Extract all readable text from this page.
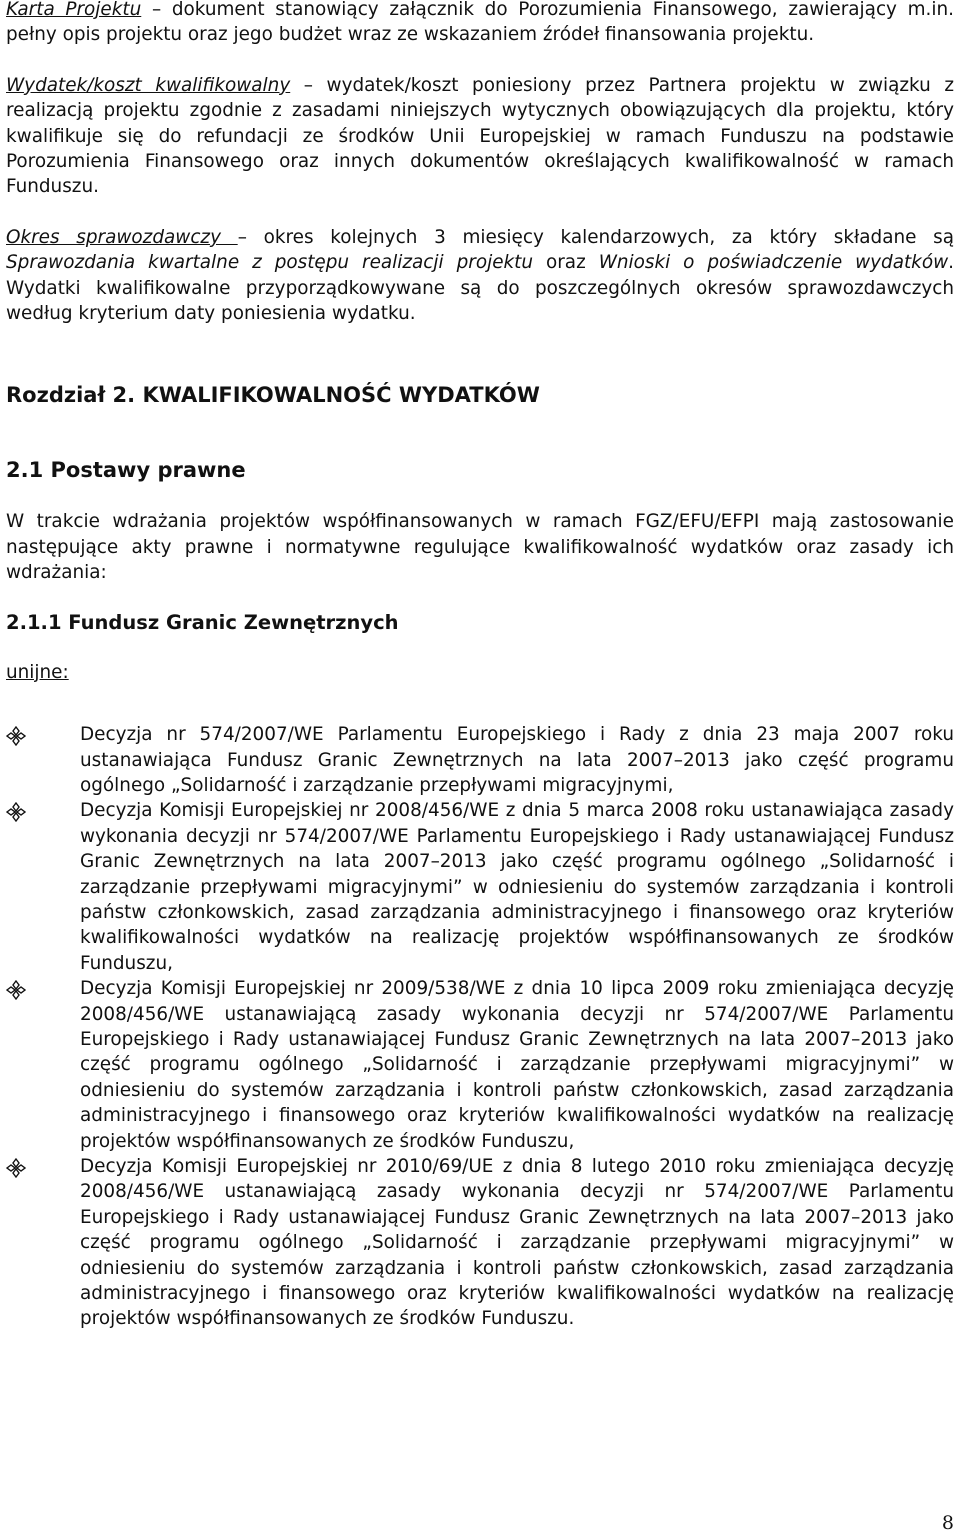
Karta Projektu – dokument stanowiący załącznik do Porozumienia Finansowego, zawierający m.in. pełny opis projektu oraz jego budżet wraz ze wskazaniem źródeł finansowania projektu.

Wydatek/koszt kwalifikowalny – wydatek/koszt poniesiony przez Partnera projektu w związku z realizacją projektu zgodnie z zasadami niniejszych wytycznych obowiązujących dla projektu, który kwalifikuje się do refundacji ze środków Unii Europejskiej w ramach Funduszu na podstawie Porozumienia Finansowego oraz innych dokumentów określających kwalifikowalność w ramach Funduszu.

Okres sprawozdawczy – okres kolejnych 3 miesięcy kalendarzowych, za który składane są Sprawozdania kwartalne z postępu realizacji projektu oraz Wnioski o poświadczenie wydatków. Wydatki kwalifikowalne przyporządkowywane są do poszczególnych okresów sprawozdawczych według kryterium daty poniesienia wydatku.

Rozdział 2. KWALIFIKOWALNOŚĆ WYDATKÓW
2.1 Postawy prawne

W trakcie wdrażania projektów współfinansowanych w ramach FGZ/EFU/EFPI mają zastosowanie następujące akty prawne i normatywne regulujące kwalifikowalność wydatków oraz zasady ich wdrażania:

2.1.1 Fundusz Granic Zewnętrznych

unijne:

Decyzja nr 574/2007/WE Parlamentu Europejskiego i Rady z dnia 23 maja 2007 roku ustanawiająca Fundusz Granic Zewnętrznych na lata 2007–2013 jako część programu ogólnego „Solidarność i zarządzanie przepływami migracyjnymi,
Decyzja Komisji Europejskiej nr 2008/456/WE z dnia 5 marca 2008 roku ustanawiająca zasady wykonania decyzji nr 574/2007/WE Parlamentu Europejskiego i Rady ustanawiającej Fundusz Granic Zewnętrznych na lata 2007–2013 jako część programu ogólnego „Solidarność i zarządzanie przepływami migracyjnymi” w odniesieniu do systemów zarządzania i kontroli państw członkowskich, zasad zarządzania administracyjnego i finansowego oraz kryteriów kwalifikowalności wydatków na realizację projektów współfinansowanych ze środków Funduszu,
Decyzja Komisji Europejskiej nr 2009/538/WE z dnia 10 lipca 2009 roku zmieniająca decyzję 2008/456/WE ustanawiającą zasady wykonania decyzji nr 574/2007/WE Parlamentu Europejskiego i Rady ustanawiającej Fundusz Granic Zewnętrznych na lata 2007–2013 jako część programu ogólnego „Solidarność i zarządzanie przepływami migracyjnymi” w odniesieniu do systemów zarządzania i kontroli państw członkowskich, zasad zarządzania administracyjnego i finansowego oraz kryteriów kwalifikowalności wydatków na realizację projektów współfinansowanych ze środków Funduszu,
Decyzja Komisji Europejskiej nr 2010/69/UE z dnia 8 lutego 2010 roku zmieniająca decyzję 2008/456/WE ustanawiającą zasady wykonania decyzji nr 574/2007/WE Parlamentu Europejskiego i Rady ustanawiającej Fundusz Granic Zewnętrznych na lata 2007–2013 jako część programu ogólnego „Solidarność i zarządzanie przepływami migracyjnymi” w odniesieniu do systemów zarządzania i kontroli państw członkowskich, zasad zarządzania administracyjnego i finansowego oraz kryteriów kwalifikowalności wydatków na realizację projektów współfinansowanych ze środków Funduszu.
8
